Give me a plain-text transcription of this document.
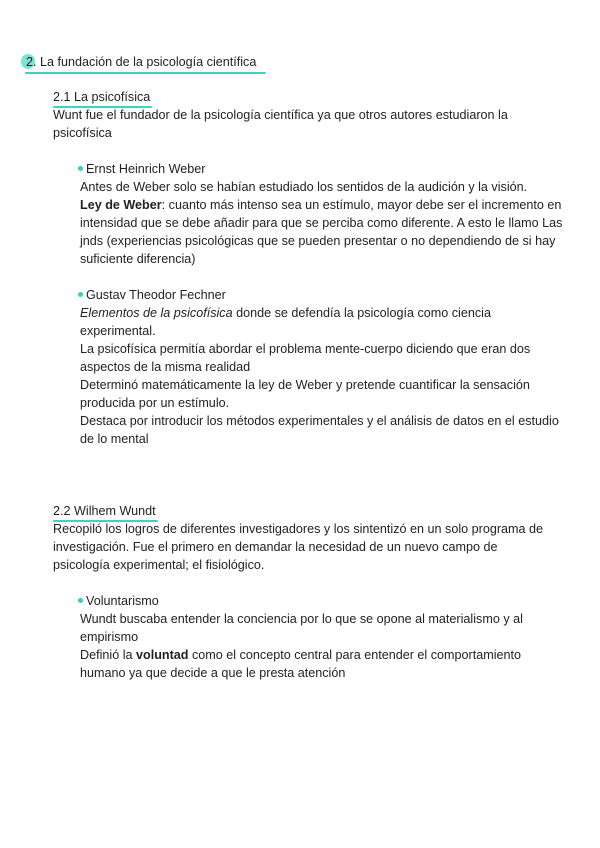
2. La fundación de la psicología científica
2.1 La psicofísica
Wunt fue el fundador de la psicología científica ya que otros autores estudiaron la psicofísica
Ernst Heinrich Weber
Antes de Weber solo se habían estudiado los sentidos de la audición y la visión.
Ley de Weber: cuanto más intenso sea un estímulo, mayor debe ser el incremento en intensidad que se debe añadir para que se perciba como diferente. A esto le llamo Las jnds (experiencias psicológicas que se pueden presentar o no dependiendo de si hay suficiente diferencia)
Gustav Theodor Fechner
Elementos de la psicofísica donde se defendía la psicología como ciencia experimental.
La psicofísica permitía abordar el problema mente-cuerpo diciendo que eran dos aspectos de la misma realidad
Determinó matemáticamente la ley de Weber y pretende cuantificar la sensación producida por un estímulo.
Destaca por introducir los métodos experimentales y el análisis de datos en el estudio de lo mental
2.2 Wilhem Wundt
Recopiló los logros de diferentes investigadores y los sintentizó en un solo programa de investigación. Fue el primero en demandar la necesidad de un nuevo campo de psicología experimental; el fisiológico.
Voluntarismo
Wundt buscaba entender la conciencia por lo que se opone al materialismo y al empirismo
Definió la voluntad como el concepto central para entender el comportamiento humano ya que decide a que le presta atención
